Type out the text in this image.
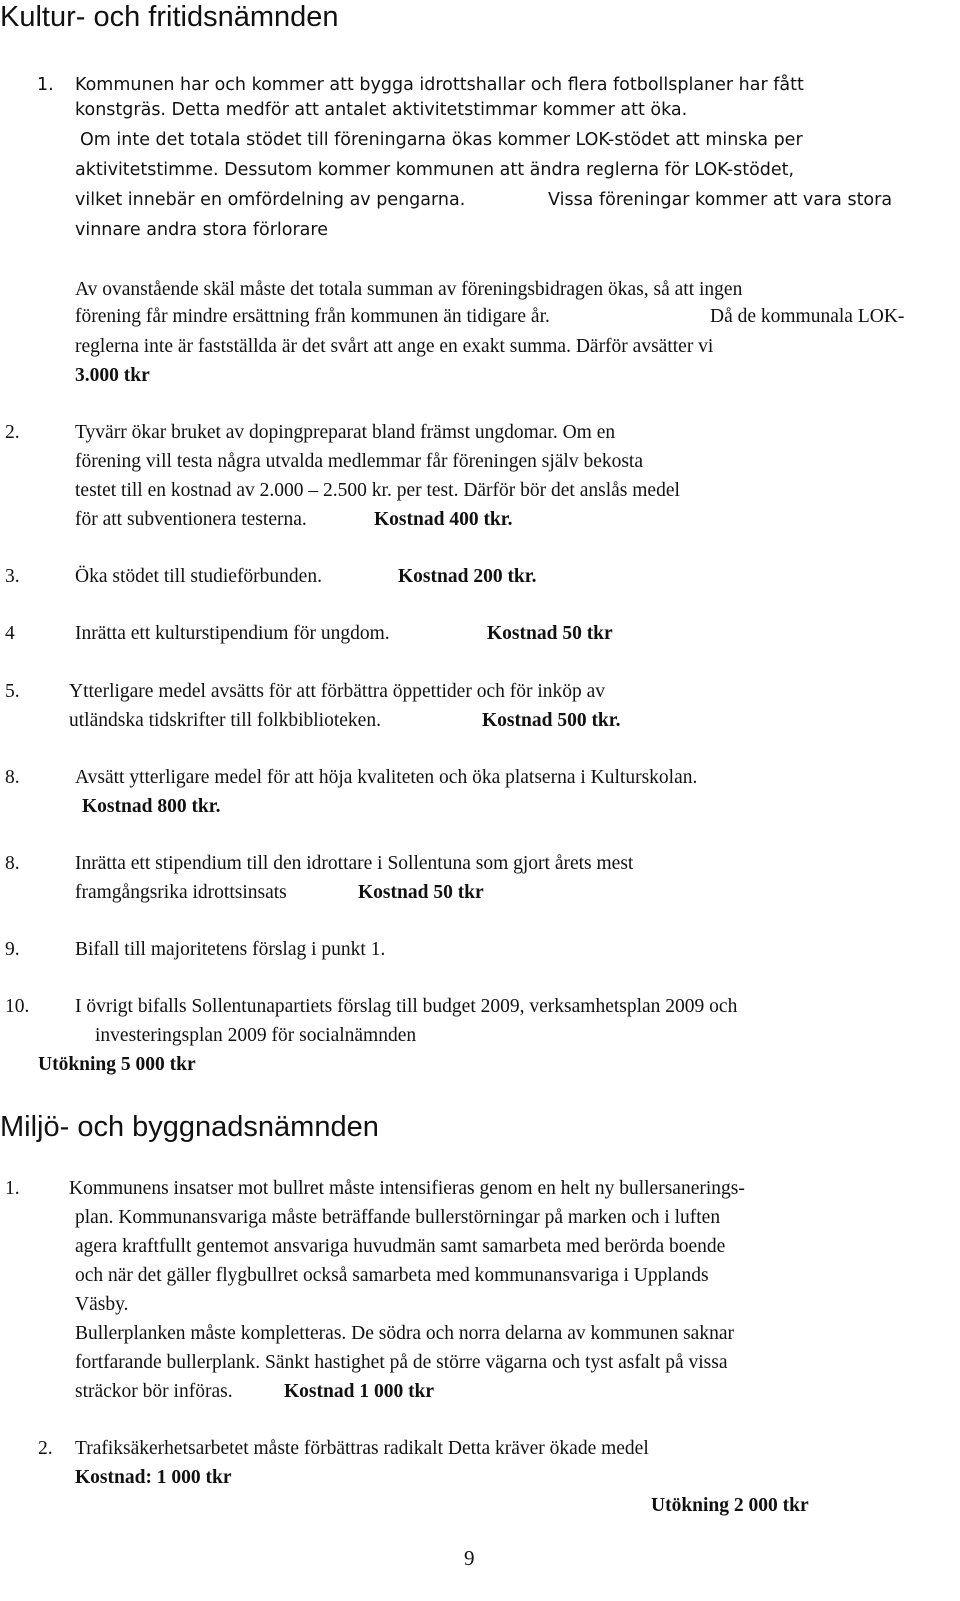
Kultur- och fritidsnämnden
1. Kommunen har och kommer att bygga idrottshallar och flera fotbollsplaner har fått
konstgräs. Detta medför att antalet aktivitetstimmar kommer att öka.
Om inte det totala stödet till föreningarna ökas kommer LOK-stödet att minska per
aktivitetstimme. Dessutom kommer kommunen att ändra reglerna för LOK-stödet,
vilket innebär en omfördelning av pengarna.	Vissa föreningar kommer att vara stora
vinnare andra stora förlorare
Av ovanstående skäl måste det totala summan av föreningsbidragen ökas, så att ingen
förening får mindre ersättning från kommunen än tidigare år.	Då de kommunala LOK-
reglerna inte är fastställda är det svårt att ange en exakt summa. Därför avsätter vi
3.000 tkr
2.	Tyvärr ökar bruket av dopingpreparat bland främst ungdomar. Om en
förening vill testa några utvalda medlemmar får föreningen själv bekosta
testet till en kostnad av 2.000 – 2.500 kr. per test. Därför bör det anslås medel
för att subventionera testerna.	Kostnad 400 tkr.
3.	Öka stödet till studieförbunden.	Kostnad 200 tkr.
4	Inrätta ett kulturstipendium för ungdom.	Kostnad 50 tkr
5.	Ytterligare medel avsätts för att förbättra öppettider och för inköp av
utländska tidskrifter till folkbiblioteken.	Kostnad 500 tkr.
8.	Avsätt ytterligare medel för att höja kvaliteten och öka platserna i Kulturskolan.
Kostnad 800 tkr.
8.	Inrätta ett stipendium till den idrottare i Sollentuna som gjort årets mest
framgångsrika idrottsinsats	Kostnad 50 tkr
9.	Bifall till majoritetens förslag i punkt 1.
10. I övrigt bifalls Sollentunapartiets förslag till budget 2009, verksamhetsplan 2009 och
investeringsplan 2009 för socialnämnden
Utökning 5 000 tkr
Miljö- och byggnadsnämnden
1.	Kommunens insatser mot bullret måste intensifieras genom en helt ny bullersanerings-
plan. Kommunansvariga måste beträffande bullerstörningar på marken och i luften
agera kraftfullt gentemot ansvariga huvudmän samt samarbeta med berörda boende
och när det gäller flygbullret också samarbeta med kommunansvariga i Upplands
Väsby.
Bullerplanken måste kompletteras. De södra och norra delarna av kommunen saknar
fortfarande bullerplank. Sänkt hastighet på de större vägarna och tyst asfalt på vissa
sträckor bör införas.	Kostnad 1 000 tkr
2. Trafiksäkerhetsarbetet måste förbättras radikalt Detta kräver ökade medel
Kostnad: 1 000 tkr
Utökning 2 000 tkr
9
